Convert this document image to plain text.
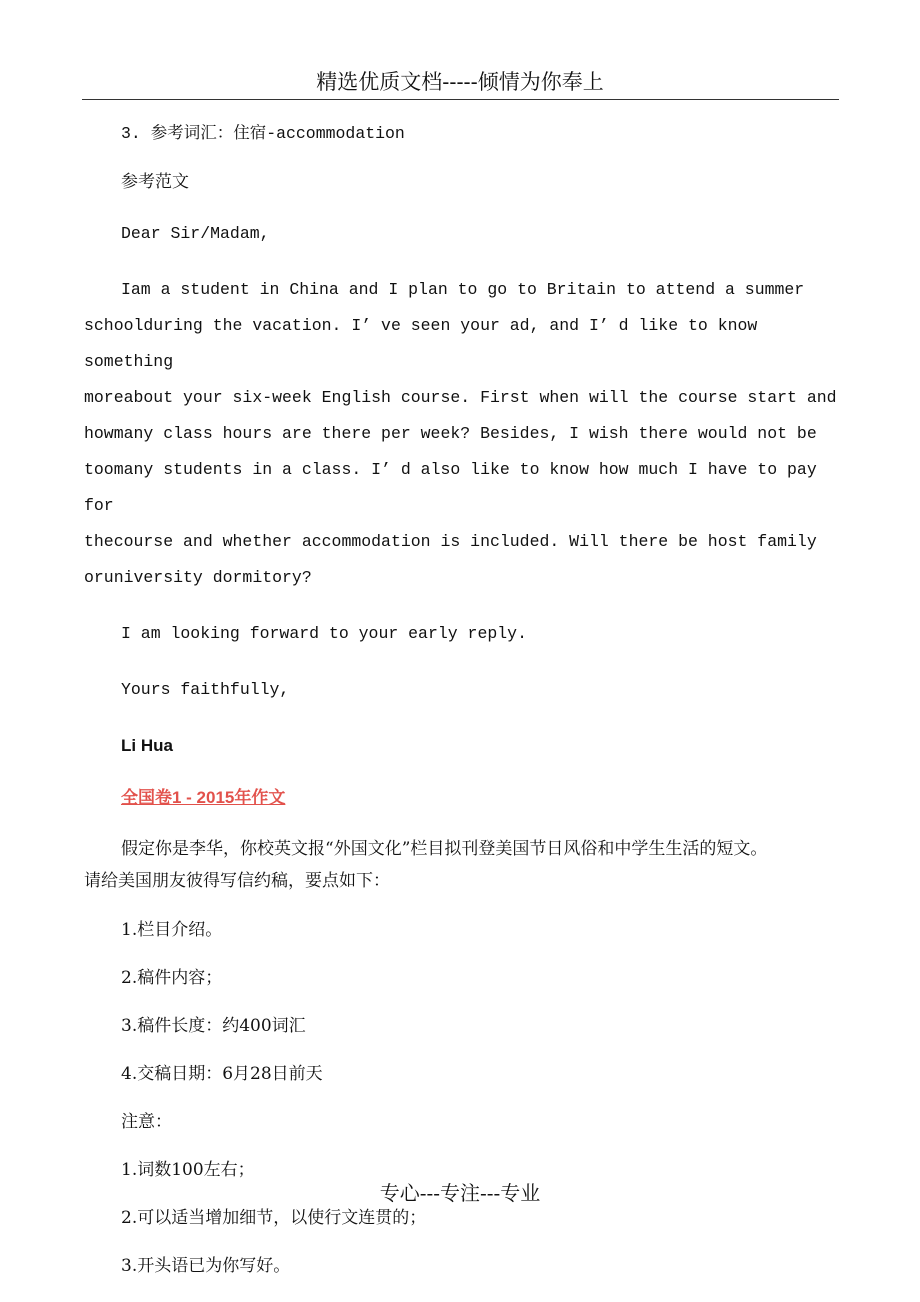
精选优质文档-----倾情为你奉上

3. 参考词汇：住宿-accommodation

参考范文

Dear Sir/Madam,

Iam a student in China and I plan to go to Britain to attend a summer

schoolduring the vacation. I’ ve seen your ad, and I’ d like to know something

moreabout your six-week English course. First when will the course start and

howmany class hours are there per week? Besides, I wish there would not be

toomany students in a class. I’ d also like to know how much I have to pay for

thecourse and whether accommodation is included. Will there be host family

oruniversity dormitory?

I am looking forward to your early reply.

Yours faithfully,

Li Hua

全国卷1 - 2015年作文

假定你是李华，你校英文报“外国文化”栏目拟刊登美国节日风俗和中学生生活的短文。

请给美国朋友彼得写信约稿，要点如下：

1.栏目介绍。

2.稿件内容；

3.稿件长度：约400词汇

4.交稿日期：6月28日前天

注意：

1.词数100左右；

2.可以适当增加细节，以使行文连贯的；

3.开头语已为你写好。

专心---专注---专业
